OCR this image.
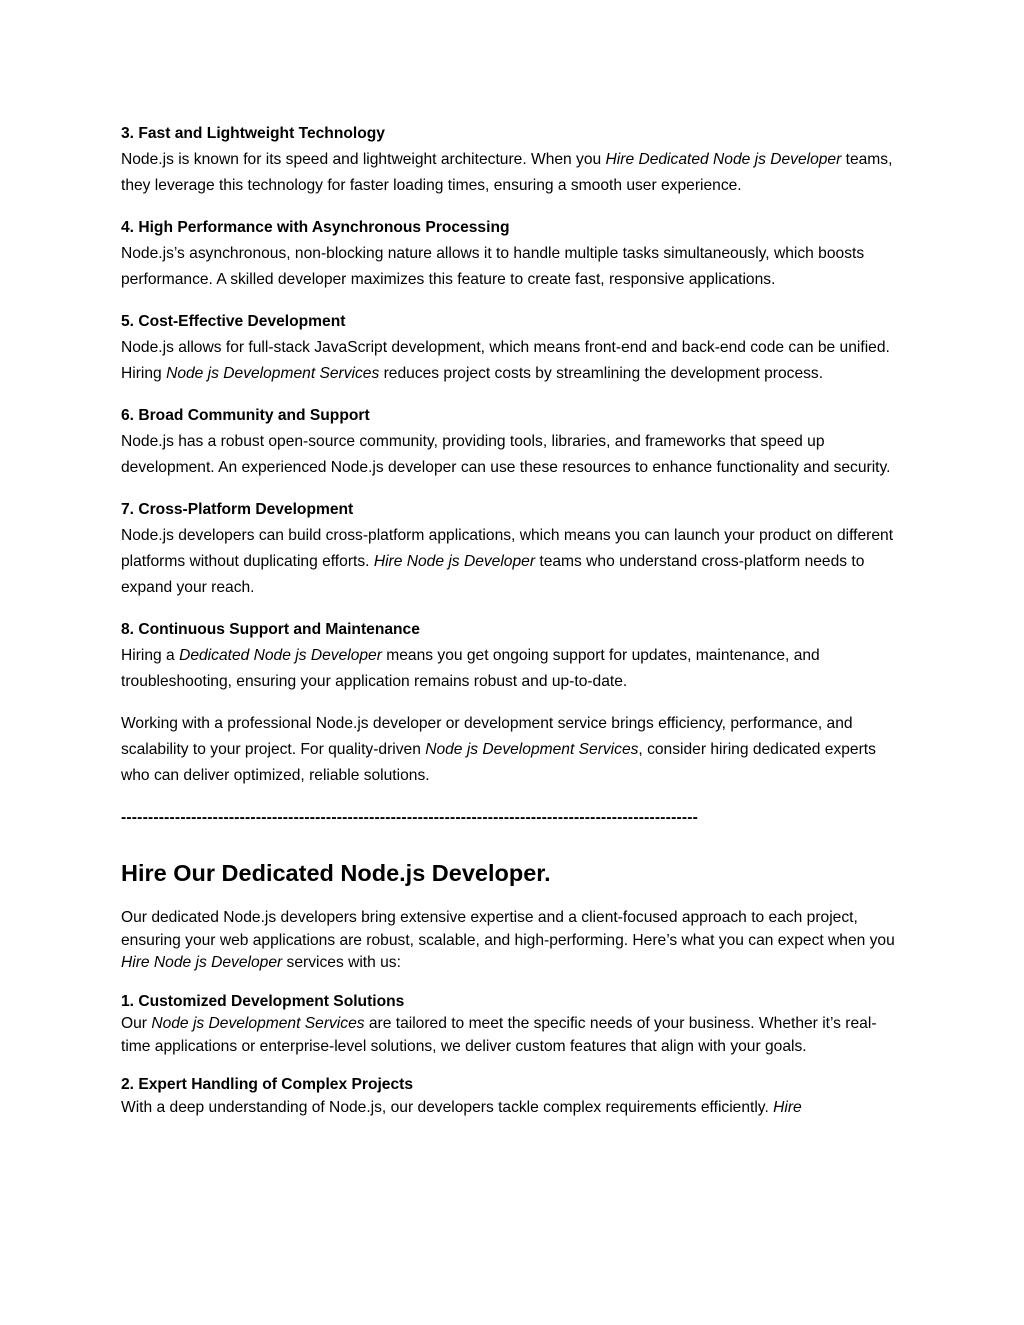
3. Fast and Lightweight Technology

Node.js is known for its speed and lightweight architecture. When you Hire Dedicated Node js Developer teams, they leverage this technology for faster loading times, ensuring a smooth user experience.

4. High Performance with Asynchronous Processing

Node.js’s asynchronous, non-blocking nature allows it to handle multiple tasks simultaneously, which boosts performance. A skilled developer maximizes this feature to create fast, responsive applications.

5. Cost-Effective Development

Node.js allows for full-stack JavaScript development, which means front-end and back-end code can be unified. Hiring Node js Development Services reduces project costs by streamlining the development process.

6. Broad Community and Support

Node.js has a robust open-source community, providing tools, libraries, and frameworks that speed up development. An experienced Node.js developer can use these resources to enhance functionality and security.

7. Cross-Platform Development

Node.js developers can build cross-platform applications, which means you can launch your product on different platforms without duplicating efforts. Hire Node js Developer teams who understand cross-platform needs to expand your reach.

8. Continuous Support and Maintenance

Hiring a Dedicated Node js Developer means you get ongoing support for updates, maintenance, and troubleshooting, ensuring your application remains robust and up-to-date.

Working with a professional Node.js developer or development service brings efficiency, performance, and scalability to your project. For quality-driven Node js Development Services, consider hiring dedicated experts who can deliver optimized, reliable solutions.

-----------------------------------------------------------------------------------------------------------
Hire Our Dedicated Node.js Developer.

Our dedicated Node.js developers bring extensive expertise and a client-focused approach to each project, ensuring your web applications are robust, scalable, and high-performing. Here’s what you can expect when you Hire Node js Developer services with us:

1. Customized Development Solutions

Our Node js Development Services are tailored to meet the specific needs of your business. Whether it’s real-time applications or enterprise-level solutions, we deliver custom features that align with your goals.

2. Expert Handling of Complex Projects

With a deep understanding of Node.js, our developers tackle complex requirements efficiently. Hire
